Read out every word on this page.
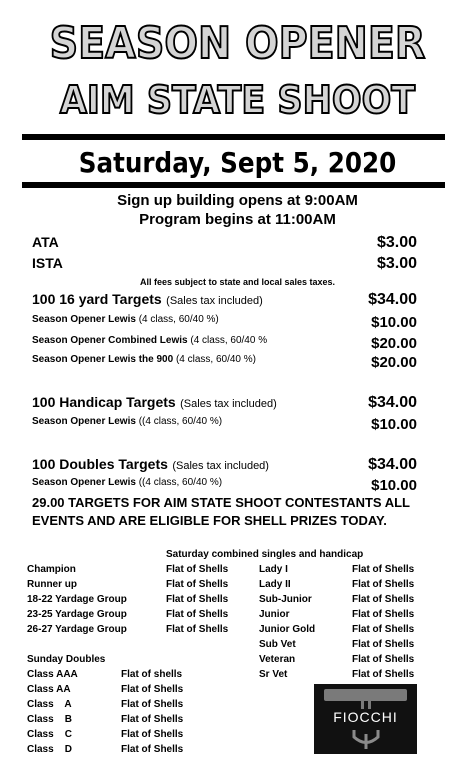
SEASON OPENER
AIM STATE SHOOT
Saturday, Sept 5, 2020
Sign up building opens at 9:00AM
Program begins at 11:00AM
ATA	$3.00
ISTA	$3.00
All fees subject to state and local sales taxes.
100 16 yard Targets (Sales tax included)	$34.00
Season Opener Lewis (4 class, 60/40 %)	$10.00
Season Opener Combined Lewis (4 class, 60/40 %	$20.00
Season Opener Lewis the 900 (4 class, 60/40 %)	$20.00
100 Handicap Targets (Sales tax included)	$34.00
Season Opener Lewis ((4 class, 60/40 %)	$10.00
100 Doubles Targets (Sales tax included)	$34.00
Season Opener Lewis ((4 class, 60/40 %)	$10.00
29.00 TARGETS FOR AIM STATE SHOOT CONTESTANTS ALL
EVENTS AND ARE ELIGIBLE FOR SHELL PRIZES TODAY.
Saturday combined singles and handicap
Champion	Flat of Shells
Runner up	Flat of Shells
18-22 Yardage Group	Flat of Shells
23-25 Yardage Group	Flat of Shells
26-27 Yardage Group	Flat of Shells
Lady I	Flat of Shells
Lady II	Flat of Shells
Sub-Junior	Flat of Shells
Junior	Flat of Shells
Junior Gold	Flat of Shells
Sub Vet	Flat of Shells
Veteran	Flat of Shells
Sr Vet	Flat of Shells
Sunday Doubles
Class AAA	Flat of shells
Class AA	Flat of Shells
Class    A	Flat of Shells
Class    B	Flat of Shells
Class    C	Flat of Shells
Class    D	Flat of Shells
FIOCCHI
